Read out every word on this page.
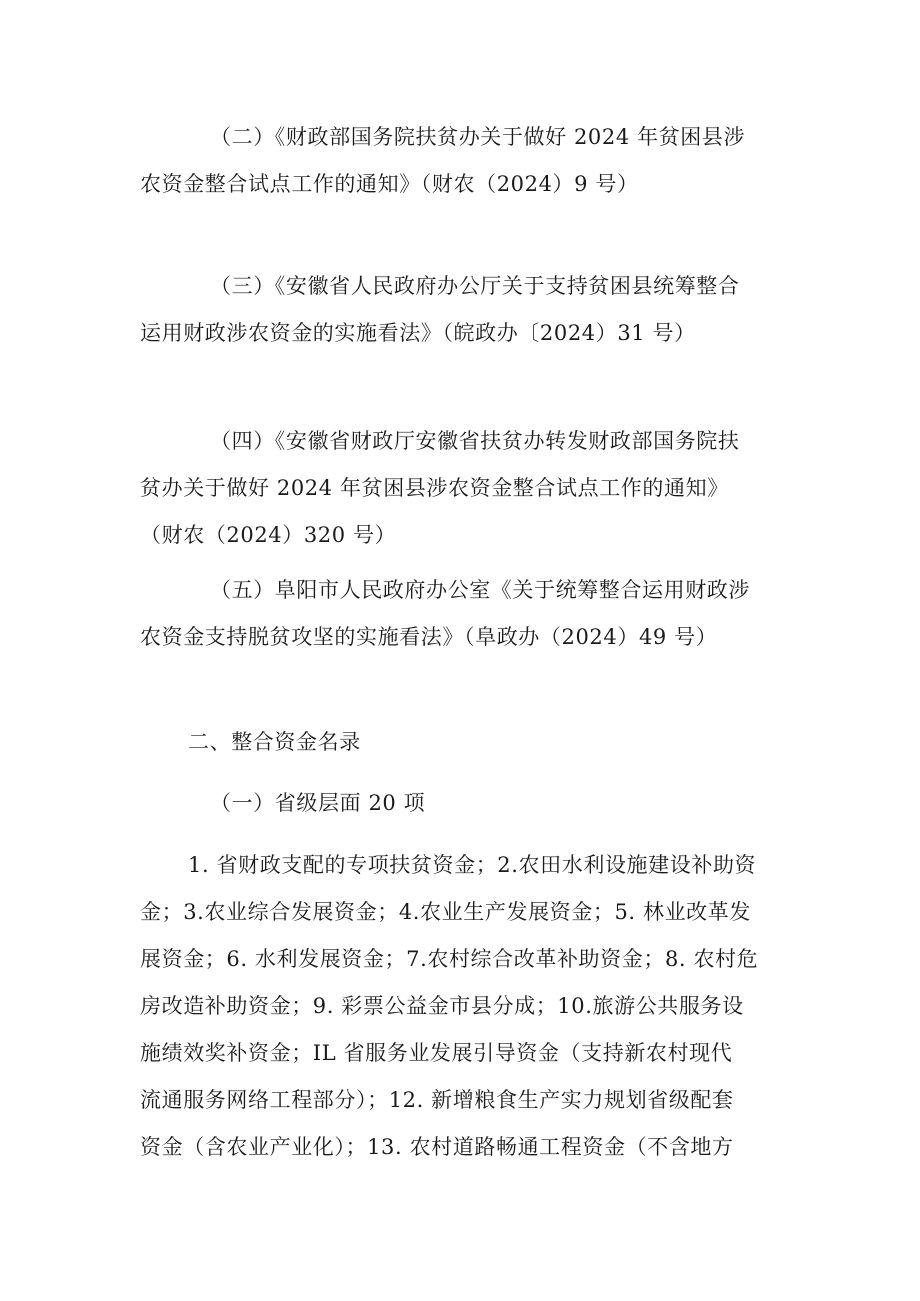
（二）《财政部国务院扶贫办关于做好 2024 年贫困县涉
农资金整合试点工作的通知》（财农（2024）9 号）
（三）《安徽省人民政府办公厅关于支持贫困县统筹整合
运用财政涉农资金的实施看法》（皖政办〔2024）31 号）
（四）《安徽省财政厅安徽省扶贫办转发财政部国务院扶
贫办关于做好 2024 年贫困县涉农资金整合试点工作的通知》
（财农（2024）320 号）
（五）阜阳市人民政府办公室《关于统筹整合运用财政涉
农资金支持脱贫攻坚的实施看法》（阜政办（2024）49 号）
二、整合资金名录
（一）省级层面 20 项
1. 省财政支配的专项扶贫资金；2.农田水利设施建设补助资
金；3.农业综合发展资金；4.农业生产发展资金；5. 林业改革发
展资金；6. 水利发展资金；7.农村综合改革补助资金；8. 农村危
房改造补助资金；9. 彩票公益金市县分成；10.旅游公共服务设
施绩效奖补资金；IL 省服务业发展引导资金（支持新农村现代
流通服务网络工程部分）；12. 新增粮食生产实力规划省级配套
资金（含农业产业化）；13. 农村道路畅通工程资金（不含地方
